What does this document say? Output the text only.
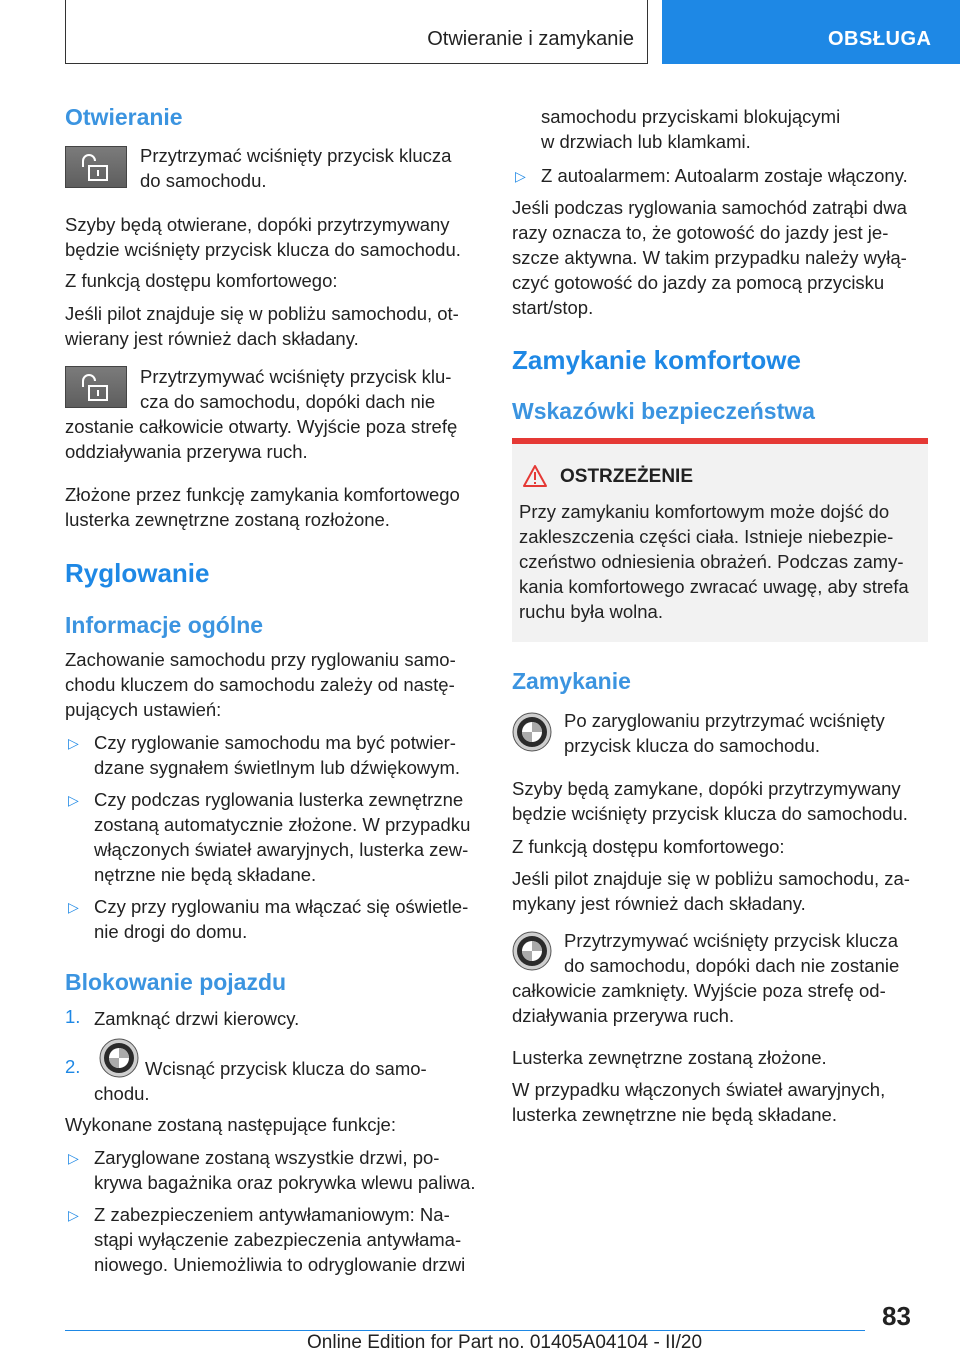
Otwieranie i zamykanie	OBSŁUGA
Otwieranie
Przytrzymać wciśnięty przycisk klucza
do samochodu.
Szyby będą otwierane, dopóki przytrzymywany
będzie wciśnięty przycisk klucza do samochodu.
Z funkcją dostępu komfortowego:
Jeśli pilot znajduje się w pobliżu samochodu, ot-
wierany jest również dach składany.
Przytrzymywać wciśnięty przycisk klu-
cza do samochodu, dopóki dach nie
zostanie całkowicie otwarty. Wyjście poza strefę
oddziaływania przerywa ruch.
Złożone przez funkcję zamykania komfortowego
lusterka zewnętrzne zostaną rozłożone.
Ryglowanie
Informacje ogólne
Zachowanie samochodu przy ryglowaniu samo-
chodu kluczem do samochodu zależy od nastę-
pujących ustawień:
▷ Czy ryglowanie samochodu ma być potwier-
dzane sygnałem świetlnym lub dźwiękowym.
▷ Czy podczas ryglowania lusterka zewnętrzne
zostaną automatycznie złożone. W przypadku
włączonych świateł awaryjnych, lusterka zew-
nętrzne nie będą składane.
▷ Czy przy ryglowaniu ma włączać się oświetle-
nie drogi do domu.
Blokowanie pojazdu
1. Zamknąć drzwi kierowcy.
2.	Wcisnąć przycisk klucza do samo-
chodu.
Wykonane zostaną następujące funkcje:
▷ Zaryglowane zostaną wszystkie drzwi, po-
krywa bagażnika oraz pokrywka wlewu paliwa.
▷ Z zabezpieczeniem antywłamaniowym: Na-
stąpi wyłączenie zabezpieczenia antywłama-
niowego. Uniemożliwia to odryglowanie drzwi
samochodu przyciskami blokującymi
w drzwiach lub klamkami.
▷ Z autoalarmem: Autoalarm zostaje włączony.
Jeśli podczas ryglowania samochód zatrąbi dwa
razy oznacza to, że gotowość do jazdy jest je-
szcze aktywna. W takim przypadku należy wyłą-
czyć gotowość do jazdy za pomocą przycisku
start/stop.
Zamykanie komfortowe
Wskazówki bezpieczeństwa
OSTRZEŻENIE
Przy zamykaniu komfortowym może dojść do
zakleszczenia części ciała. Istnieje niebezpie-
czeństwo odniesienia obrażeń. Podczas zamy-
kania komfortowego zwracać uwagę, aby strefa
ruchu była wolna.
Zamykanie
Po zaryglowaniu przytrzymać wciśnięty
przycisk klucza do samochodu.
Szyby będą zamykane, dopóki przytrzymywany
będzie wciśnięty przycisk klucza do samochodu.
Z funkcją dostępu komfortowego:
Jeśli pilot znajduje się w pobliżu samochodu, za-
mykany jest również dach składany.
Przytrzymywać wciśnięty przycisk klucza
do samochodu, dopóki dach nie zostanie
całkowicie zamknięty. Wyjście poza strefę od-
działywania przerywa ruch.
Lusterka zewnętrzne zostaną złożone.
W przypadku włączonych świateł awaryjnych,
lusterka zewnętrzne nie będą składane.
83
Online Edition for Part no. 01405A04104 - II/20
